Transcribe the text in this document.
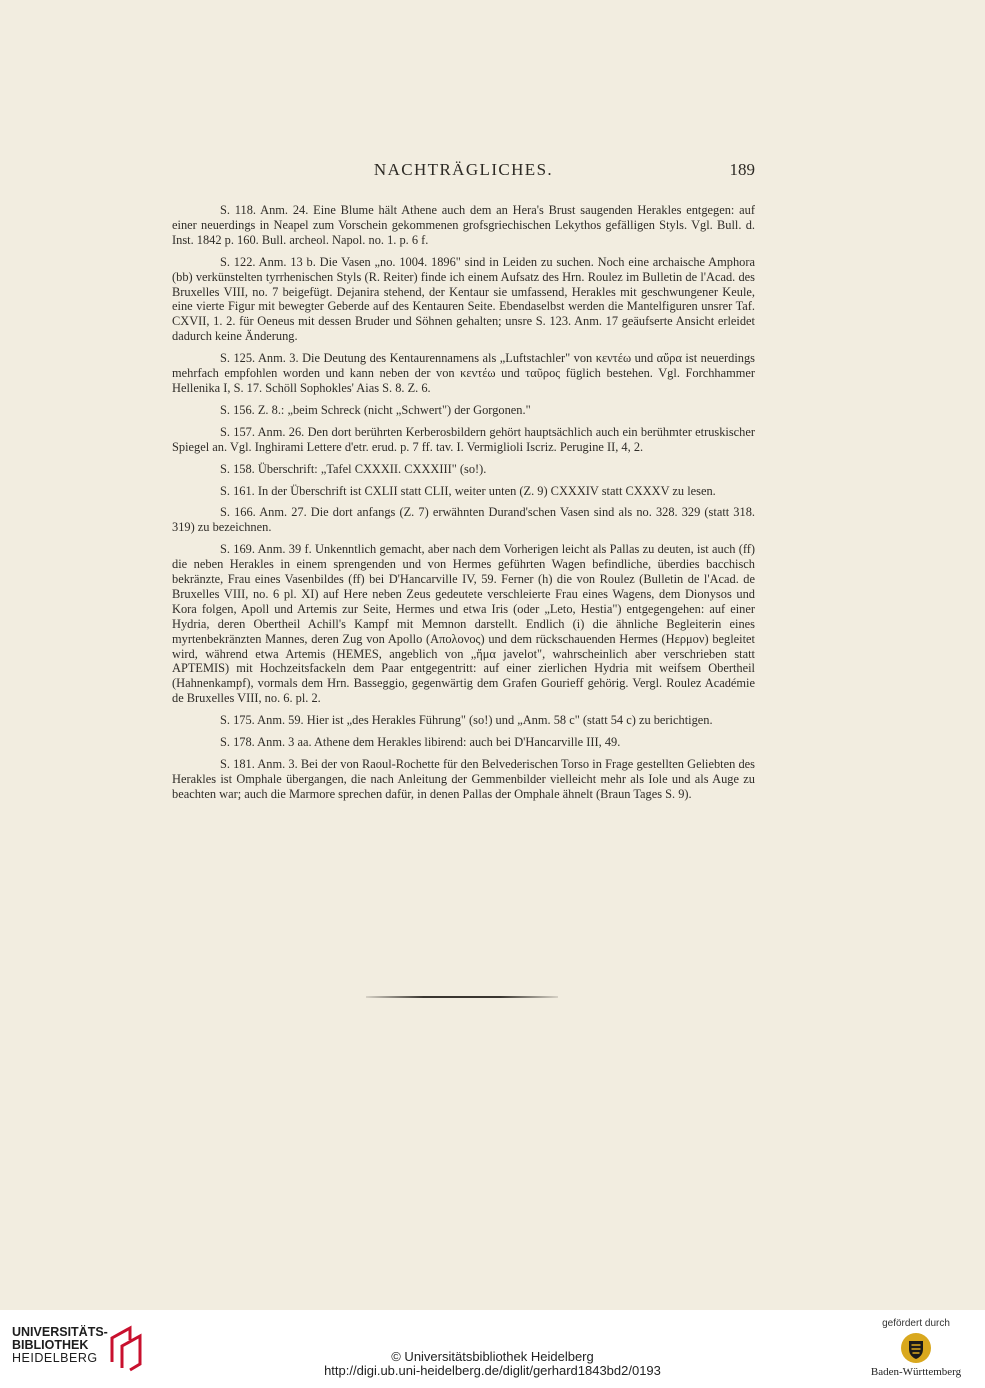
NACHTRÄGLICHES.	189

S. 118. Anm. 24. Eine Blume hält Athene auch dem an Hera's Brust saugenden Herakles entgegen: auf einer neuerdings in Neapel zum Vorschein gekommenen grofsgriechischen Lekythos gefälligen Styls. Vgl. Bull. d. Inst. 1842 p. 160. Bull. archeol. Napol. no. 1. p. 6 f.

S. 122. Anm. 13 b. Die Vasen „no. 1004. 1896" sind in Leiden zu suchen. Noch eine archaische Amphora (bb) verkünstelten tyrrhenischen Styls (R. Reiter) finde ich einem Aufsatz des Hrn. Roulez im Bulletin de l'Acad. des Bruxelles VIII, no. 7 beigefügt. Dejanira stehend, der Kentaur sie umfassend, Herakles mit geschwungener Keule, eine vierte Figur mit bewegter Geberde auf des Kentauren Seite. Ebendaselbst werden die Mantelfiguren unsrer Taf. CXVII, 1. 2. für Oeneus mit dessen Bruder und Söhnen gehalten; unsre S. 123. Anm. 17 geäufserte Ansicht erleidet dadurch keine Änderung.

S. 125. Anm. 3. Die Deutung des Kentaurennamens als „Luftstachler" von κεντέω und αὔρα ist neuerdings mehrfach empfohlen worden und kann neben der von κεντέω und ταῦρος füglich bestehen. Vgl. Forchhammer Hellenika I, S. 17. Schöll Sophokles' Aias S. 8. Z. 6.

S. 156. Z. 8.: „beim Schreck (nicht „Schwert") der Gorgonen."

S. 157. Anm. 26. Den dort berührten Kerberosbildern gehört hauptsächlich auch ein berühmter etruskischer Spiegel an. Vgl. Inghirami Lettere d'etr. erud. p. 7 ff. tav. I. Vermiglioli Iscriz. Perugine II, 4, 2.

S. 158. Überschrift: „Tafel CXXXII. CXXXIII" (so!).

S. 161. In der Überschrift ist CXLII statt CLII, weiter unten (Z. 9) CXXXIV statt CXXXV zu lesen.

S. 166. Anm. 27. Die dort anfangs (Z. 7) erwähnten Durand'schen Vasen sind als no. 328. 329 (statt 318. 319) zu bezeichnen.

S. 169. Anm. 39 f. Unkenntlich gemacht, aber nach dem Vorherigen leicht als Pallas zu deuten, ist auch (ff) die neben Herakles in einem sprengenden und von Hermes geführten Wagen befindliche, überdies bacchisch bekränzte, Frau eines Vasenbildes (ff) bei D'Hancarville IV, 59. Ferner (h) die von Roulez (Bulletin de l'Acad. de Bruxelles VIII, no. 6 pl. XI) auf Here neben Zeus gedeutete verschleierte Frau eines Wagens, dem Dionysos und Kora folgen, Apoll und Artemis zur Seite, Hermes und etwa Iris (oder „Leto, Hestia") entgegengehen: auf einer Hydria, deren Obertheil Achill's Kampf mit Memnon darstellt. Endlich (i) die ähnliche Begleiterin eines myrtenbekränzten Mannes, deren Zug von Apollo (Απολονος) und dem rückschauenden Hermes (Hερμον) begleitet wird, während etwa Artemis (HEMES, angeblich von „ἥμα javelot", wahrscheinlich aber verschrieben statt APTEMIS) mit Hochzeitsfackeln dem Paar entgegentritt: auf einer zierlichen Hydria mit weifsem Obertheil (Hahnenkampf), vormals dem Hrn. Basseggio, gegenwärtig dem Grafen Gourieff gehörig. Vergl. Roulez Académie de Bruxelles VIII, no. 6. pl. 2.

S. 175. Anm. 59. Hier ist „des Herakles Führung" (so!) und „Anm. 58 c" (statt 54 c) zu berichtigen.

S. 178. Anm. 3 aa. Athene dem Herakles libirend: auch bei D'Hancarville III, 49.

S. 181. Anm. 3. Bei der von Raoul-Rochette für den Belvederischen Torso in Frage gestellten Geliebten des Herakles ist Omphale übergangen, die nach Anleitung der Gemmenbilder vielleicht mehr als Iole und als Auge zu beachten war; auch die Marmore sprechen dafür, in denen Pallas der Omphale ähnelt (Braun Tages S. 9).

UNIVERSITÄTS-
BIBLIOTHEK
HEIDELBERG	© Universitätsbibliothek Heidelberg
http://digi.ub.uni-heidelberg.de/diglit/gerhard1843bd2/0193
gefördert durch
Baden-Württemberg
